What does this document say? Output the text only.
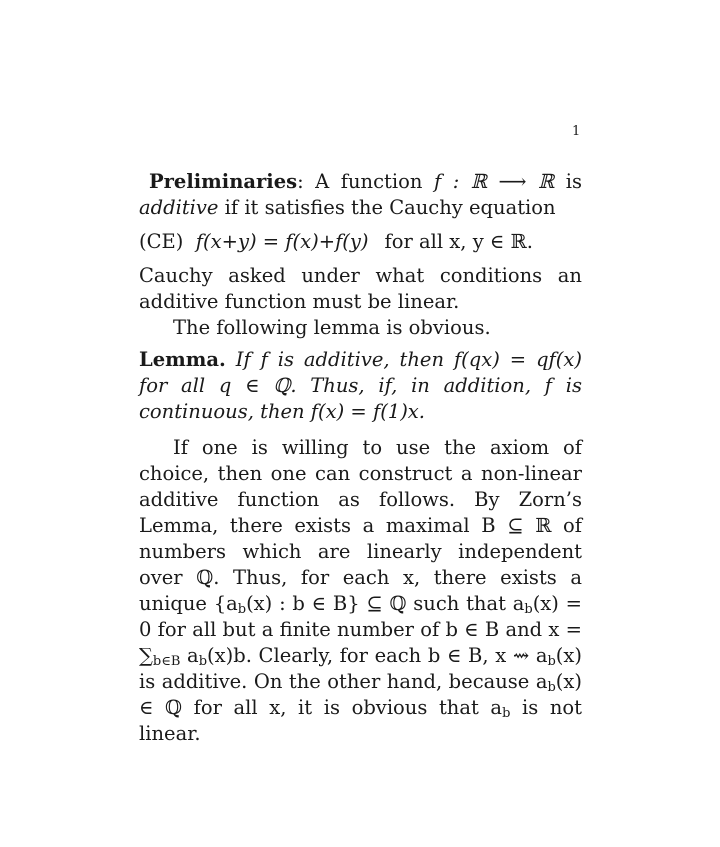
1

Preliminaries: A function f : ℝ ⟶ ℝ is additive if it satisfies the Cauchy equation

(CE) f(x+y) = f(x)+f(y) for all x, y ∈ ℝ.

Cauchy asked under what conditions an additive function must be linear.

The following lemma is obvious.

Lemma. If f is additive, then f(qx) = qf(x) for all q ∈ ℚ. Thus, if, in addition, f is continuous, then f(x) = f(1)x.

If one is willing to use the axiom of choice, then one can construct a non-linear additive function as follows. By Zorn’s Lemma, there exists a maximal B ⊆ ℝ of numbers which are linearly independent over ℚ. Thus, for each x, there exists a unique {$a_b(x)$ : b ∈ B} ⊆ ℚ such that $a_b(x) = 0$ for all but a finite number of b ∈ B and $x = \sum_{b\in B}$ $a_b(x)b$. Clearly, for each b ∈ B, x ⇝ $a_b(x)$ is additive. On the other hand, because $a_b(x)$ ∈ ℚ for all x, it is obvious that $a_b$ is not linear.
